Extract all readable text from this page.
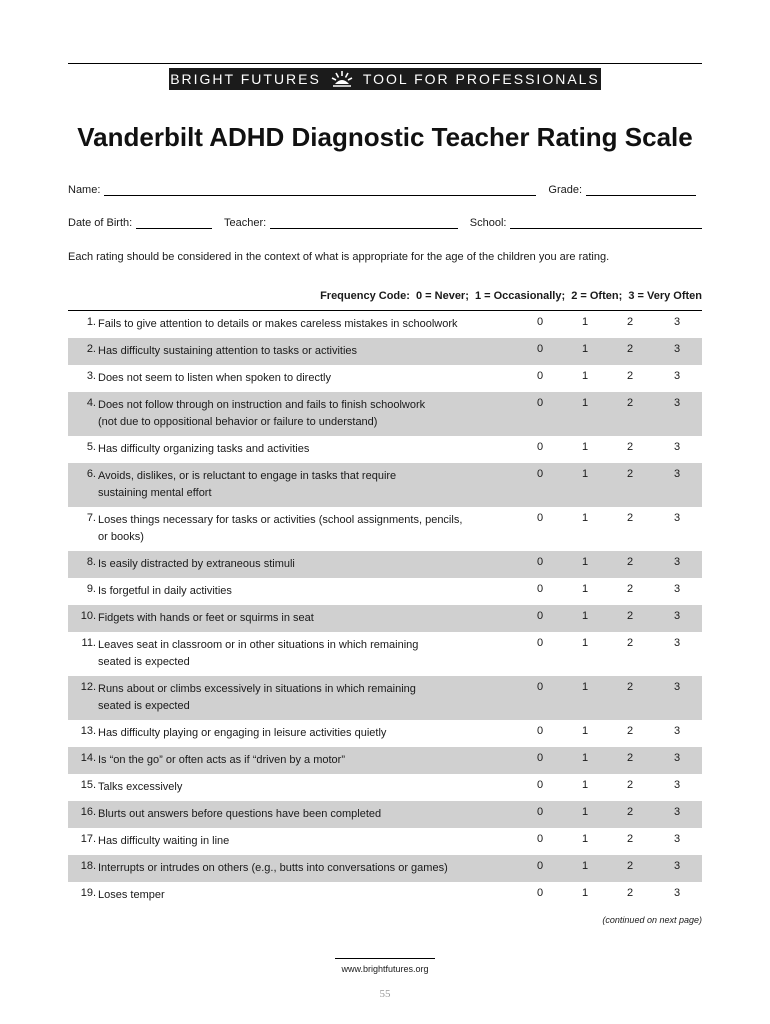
BRIGHT FUTURES	TOOL FOR PROFESSIONALS
Vanderbilt ADHD Diagnostic Teacher Rating Scale
Name:	Grade:
Date of Birth:	Teacher:	School:
Each rating should be considered in the context of what is appropriate for the age of the children you are rating.
Frequency Code: 0 = Never; 1 = Occasionally; 2 = Often; 3 = Very Often
1. Fails to give attention to details or makes careless mistakes in schoolwork	0	1	2	3
2. Has difficulty sustaining attention to tasks or activities	0	1	2	3
3. Does not seem to listen when spoken to directly	0	1	2	3
4. Does not follow through on instruction and fails to finish schoolwork
(not due to oppositional behavior or failure to understand)
0	1	2	3
5. Has difficulty organizing tasks and activities	0	1	2	3
6. Avoids, dislikes, or is reluctant to engage in tasks that require
sustaining mental effort
0	1	2	3
7. Loses things necessary for tasks or activities (school assignments, pencils,
or books)
0	1	2	3
8. Is easily distracted by extraneous stimuli	0	1	2	3
9. Is forgetful in daily activities	0	1	2	3
10. Fidgets with hands or feet or squirms in seat	0	1	2	3
11. Leaves seat in classroom or in other situations in which remaining
seated is expected
0	1	2	3
12. Runs about or climbs excessively in situations in which remaining
seated is expected
0	1	2	3
13. Has difficulty playing or engaging in leisure activities quietly	0	1	2	3
14. Is “on the go” or often acts as if “driven by a motor”	0	1	2	3
15. Talks excessively	0	1	2	3
16. Blurts out answers before questions have been completed	0	1	2	3
17. Has difficulty waiting in line	0	1	2	3
18. Interrupts or intrudes on others (e.g., butts into conversations or games)	0	1	2	3
19. Loses temper	0	1	2	3
(continued on next page)
www.brightfutures.org
55
